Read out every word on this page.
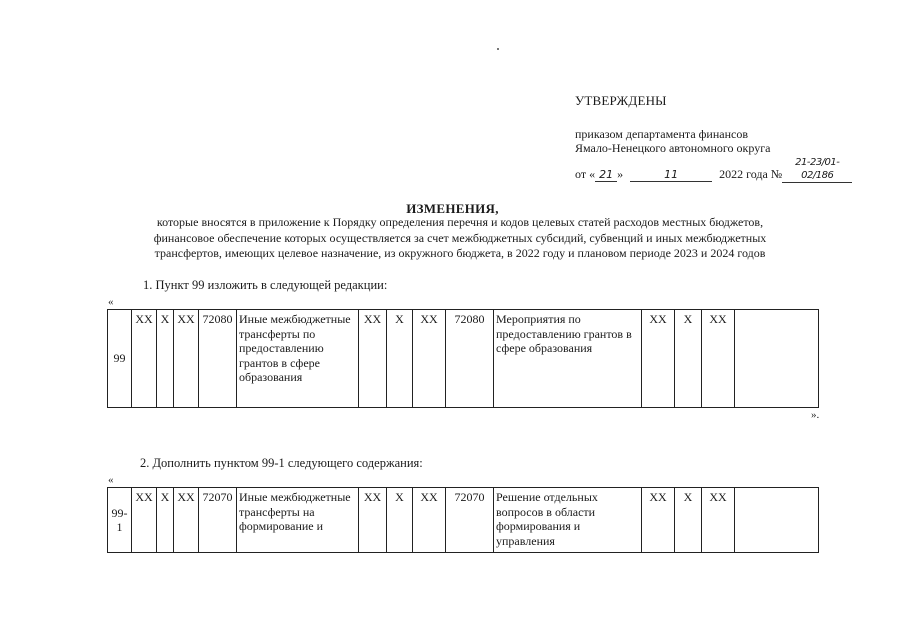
УТВЕРЖДЕНЫ
приказом департамента финансов
Ямало-Ненецкого автономного округа
от « 21 »	11	2022 года №21-23/01-02/186
ИЗМЕНЕНИЯ,
которые вносятся в приложение к Порядку определения перечня и кодов целевых статей расходов местных бюджетов,
финансовое обеспечение которых осуществляется за счет межбюджетных субсидий, субвенций и иных межбюджетных
трансфертов, имеющих целевое назначение, из окружного бюджета, в 2022 году и плановом периоде 2023 и 2024 годов
1. Пункт 99 изложить в следующей редакции:
«
99	XX	X	XX	72080	Иные межбюджетные трансферты по предоставлению грантов в сфере образования	XX	X	XX	72080	Мероприятия по предоставлению грантов в сфере образования	XX	X	XX	
».
2. Дополнить пунктом 99-1 следующего содержания:
«
99-1	XX	X	XX	72070	Иные межбюджетные трансферты на формирование и	XX	X	XX	72070	Решение отдельных вопросов в области формирования и управления	XX	X	XX	
